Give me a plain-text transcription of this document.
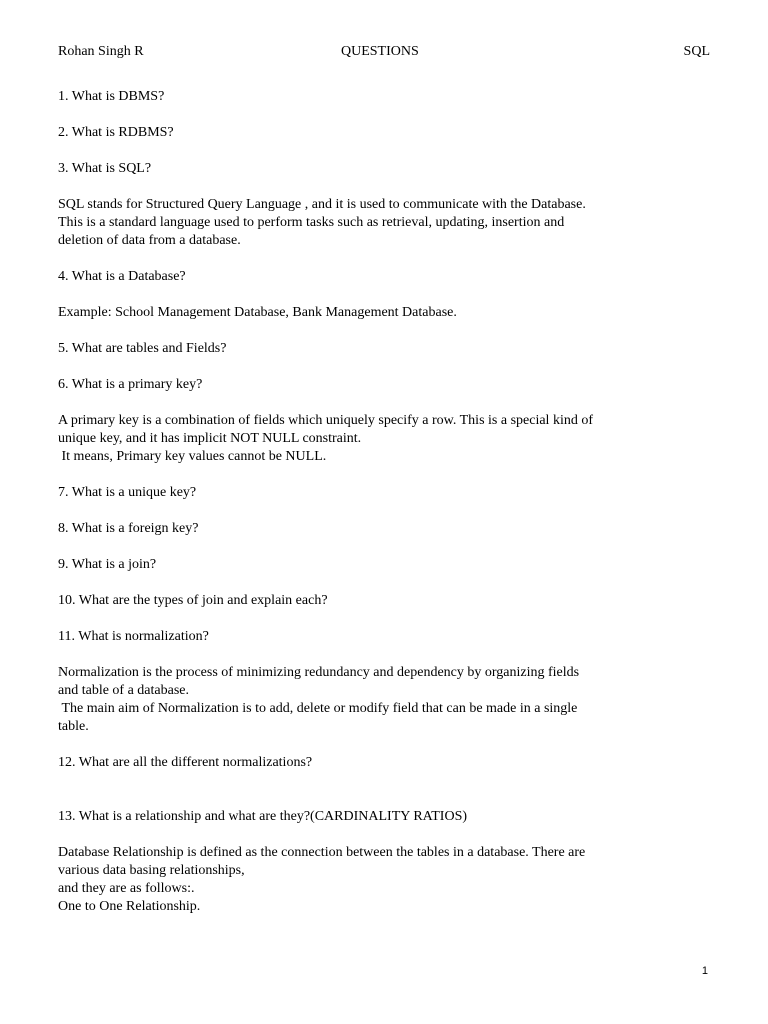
Rohan Singh R	QUESTIONS	SQL
1. What is DBMS?
2. What is RDBMS?
3. What is SQL?
SQL stands for Structured Query Language , and it is used to communicate with the Database.
This is a standard language used to perform tasks such as retrieval, updating, insertion and
deletion of data from a database.
4. What is a Database?
Example: School Management Database, Bank Management Database.
5. What are tables and Fields?
6. What is a primary key?
A primary key is a combination of fields which uniquely specify a row. This is a special kind of
unique key, and it has implicit NOT NULL constraint.
It means, Primary key values cannot be NULL.
7. What is a unique key?
8. What is a foreign key?
9. What is a join?
10. What are the types of join and explain each?
11. What is normalization?
Normalization is the process of minimizing redundancy and dependency by organizing fields
and table of a database.
The main aim of Normalization is to add, delete or modify field that can be made in a single
table.
12. What are all the different normalizations?
13. What is a relationship and what are they?(CARDINALITY RATIOS)
Database Relationship is defined as the connection between the tables in a database. There are
various data basing relationships,
and they are as follows:.
One to One Relationship.
1
